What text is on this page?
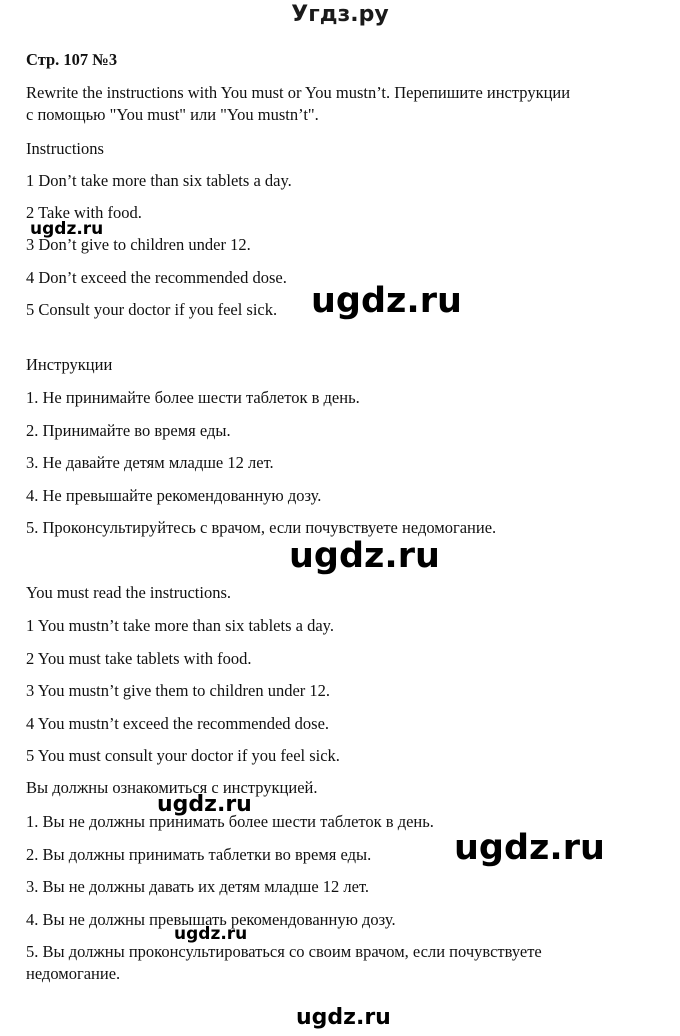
Угдз.ру
Стр. 107 №3
Rewrite the instructions with You must or You mustn’t. Перепишите инструкции
с помощью "You must" или "You mustn’t".
Instructions
1 Don’t take more than six tablets a day.
2 Take with food.
3 Don’t give to children under 12.
4 Don’t exceed the recommended dose.
5 Consult your doctor if you feel sick.
Инструкции
1. Не принимайте более шести таблеток в день.
2. Принимайте во время еды.
3. Не давайте детям младше 12 лет.
4. Не превышайте рекомендованную дозу.
5. Проконсультируйтесь с врачом, если почувствуете недомогание.
You must read the instructions.
1 You mustn’t take more than six tablets a day.
2 You must take tablets with food.
3 You mustn’t give them to children under 12.
4 You mustn’t exceed the recommended dose.
5 You must consult your doctor if you feel sick.
Вы должны ознакомиться с инструкцией.
1. Вы не должны принимать более шести таблеток в день.
2. Вы должны принимать таблетки во время еды.
3. Вы не должны давать их детям младше 12 лет.
4. Вы не должны превышать рекомендованную дозу.
5. Вы должны проконсультироваться со своим врачом, если почувствуете
недомогание.
ugdz.ru
ugdz.ru
ugdz.ru
ugdz.ru
ugdz.ru
ugdz.ru
ugdz.ru
